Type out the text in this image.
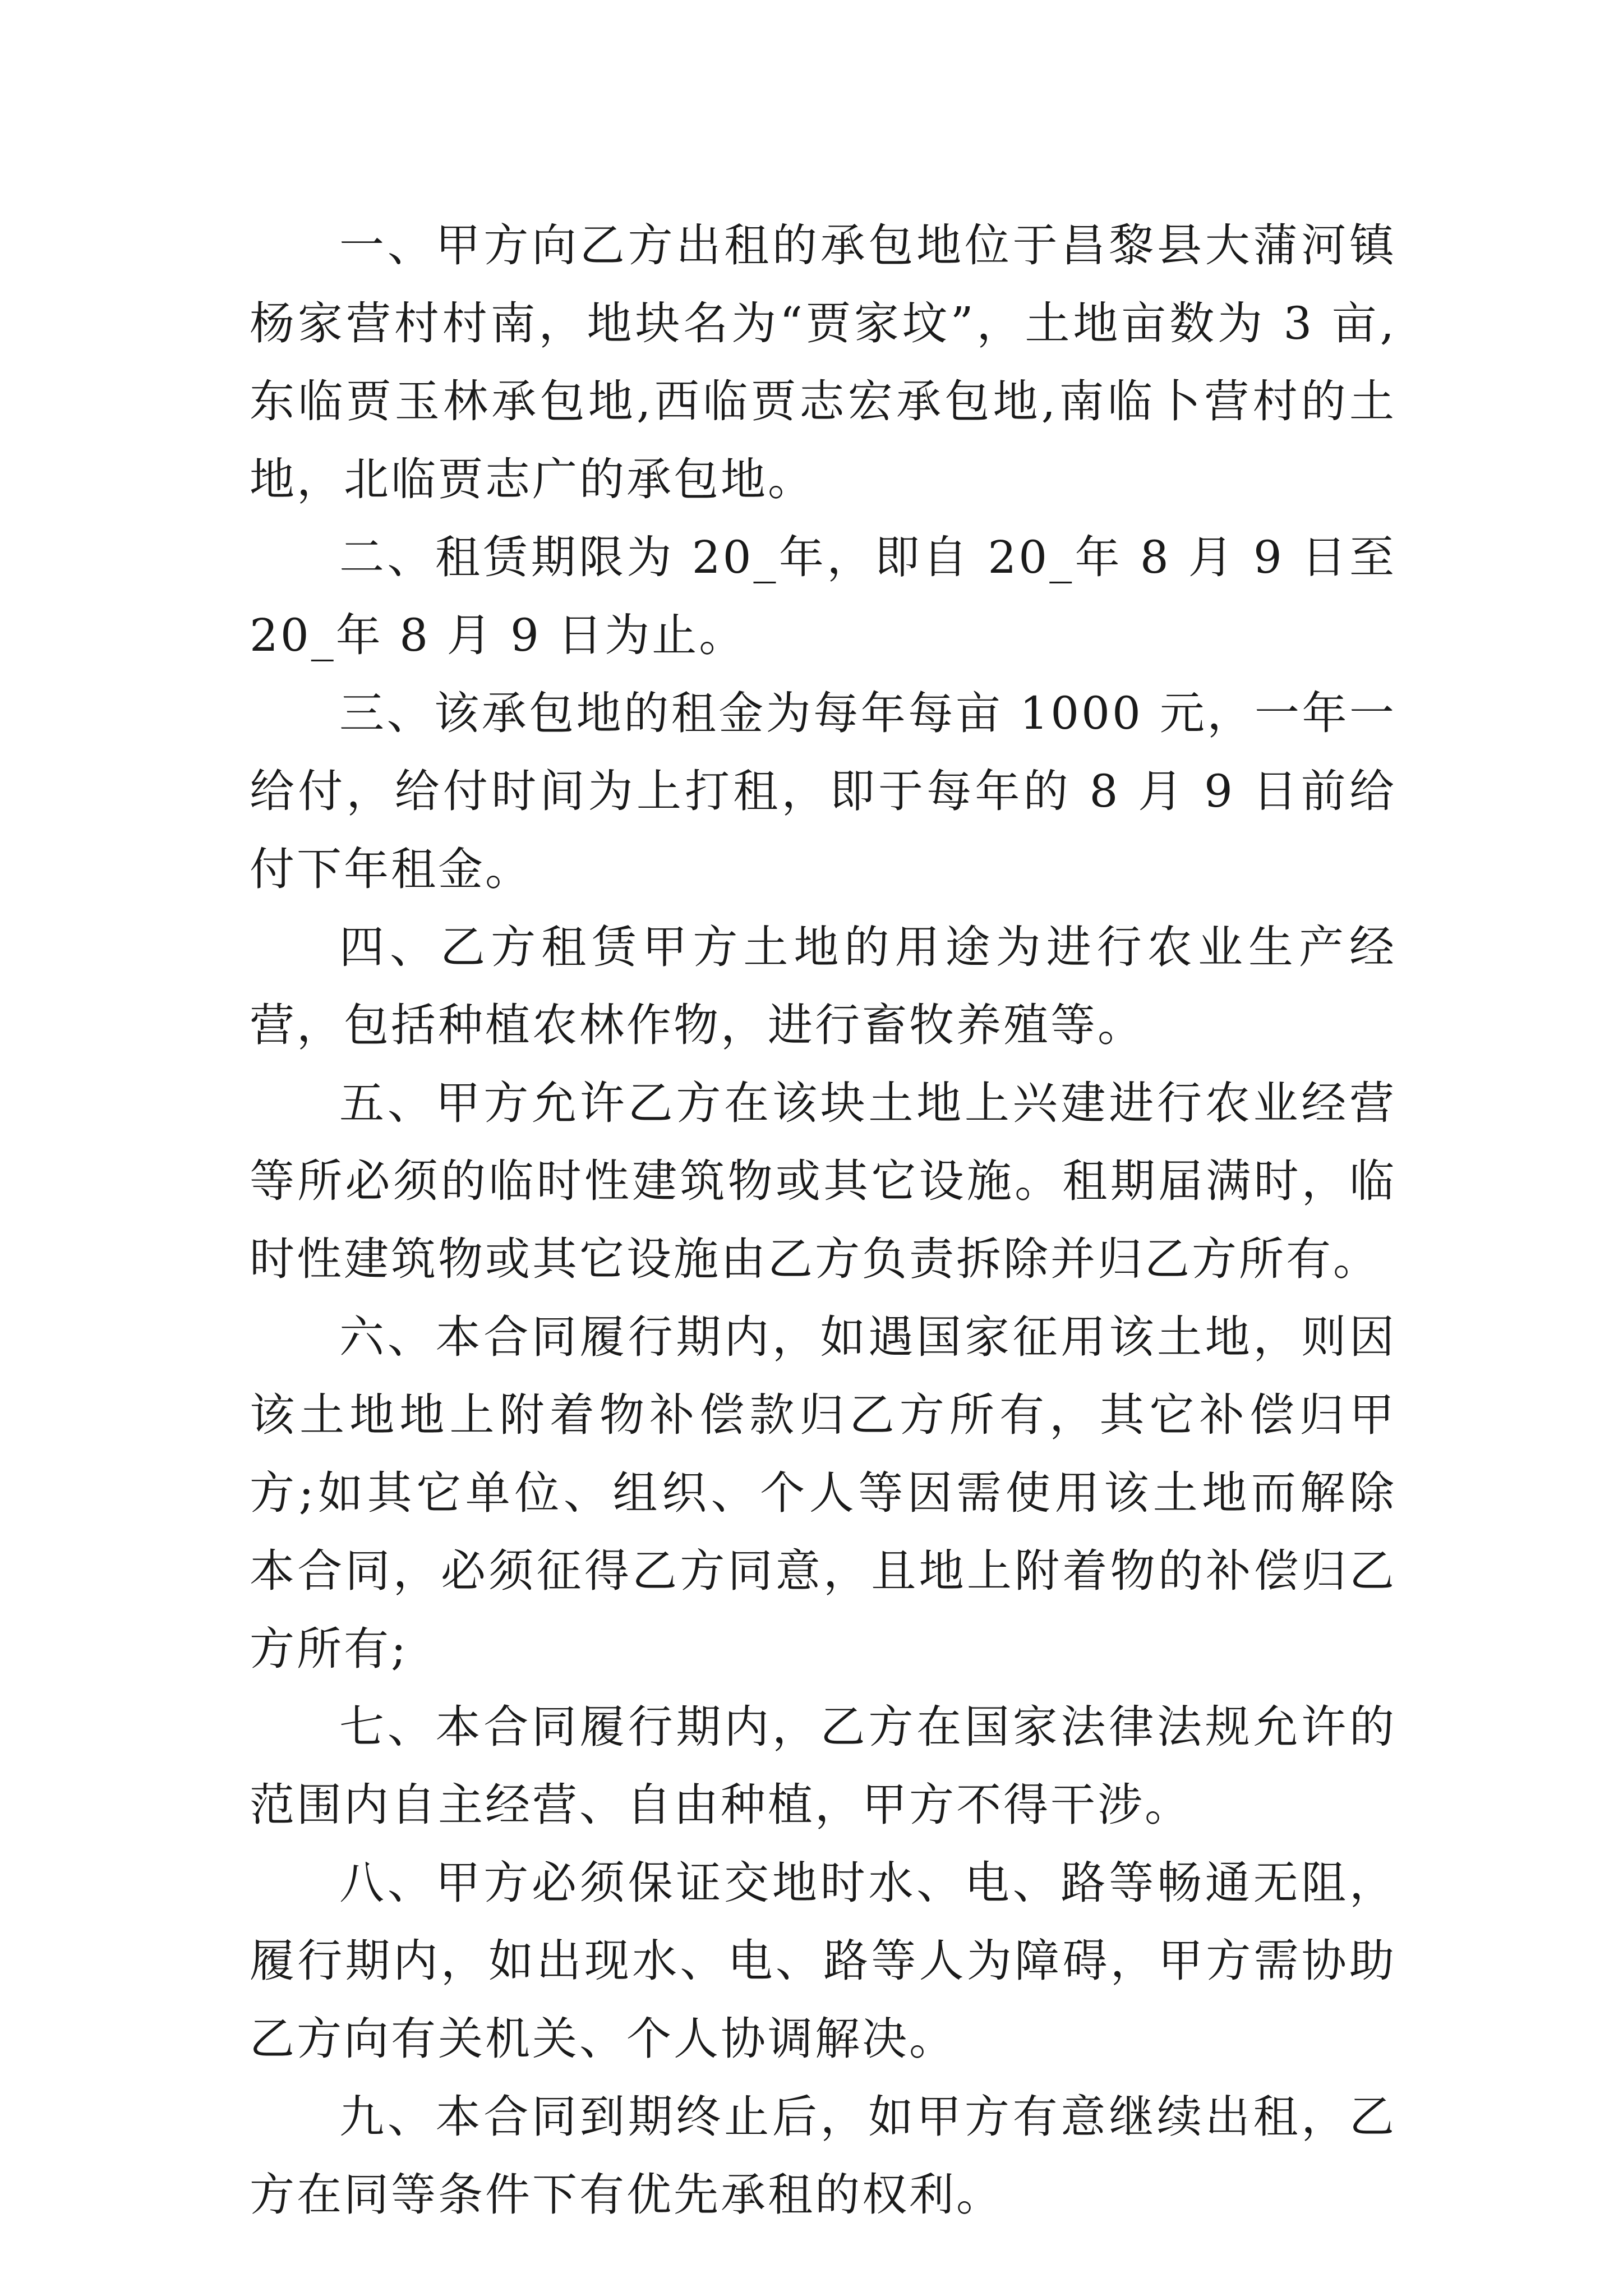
一、甲方向乙方出租的承包地位于昌黎县大蒲河镇杨家营村村南，地块名为“贾家坟”，土地亩数为 3 亩,东临贾玉林承包地,西临贾志宏承包地,南临卜营村的土地，北临贾志广的承包地。

二、租赁期限为 20_年，即自 20_年 8 月 9 日至 20_年 8 月 9 日为止。

三、该承包地的租金为每年每亩 1000 元，一年一给付，给付时间为上打租，即于每年的 8 月 9 日前给付下年租金。

四、乙方租赁甲方土地的用途为进行农业生产经营，包括种植农林作物，进行畜牧养殖等。

五、甲方允许乙方在该块土地上兴建进行农业经营等所必须的临时性建筑物或其它设施。租期届满时，临时性建筑物或其它设施由乙方负责拆除并归乙方所有。

六、本合同履行期内，如遇国家征用该土地，则因该土地地上附着物补偿款归乙方所有，其它补偿归甲方;如其它单位、组织、个人等因需使用该土地而解除本合同，必须征得乙方同意，且地上附着物的补偿归乙方所有;

七、本合同履行期内，乙方在国家法律法规允许的范围内自主经营、自由种植，甲方不得干涉。

八、甲方必须保证交地时水、电、路等畅通无阻，履行期内，如出现水、电、路等人为障碍，甲方需协助乙方向有关机关、个人协调解决。

九、本合同到期终止后，如甲方有意继续出租，乙方在同等条件下有优先承租的权利。
